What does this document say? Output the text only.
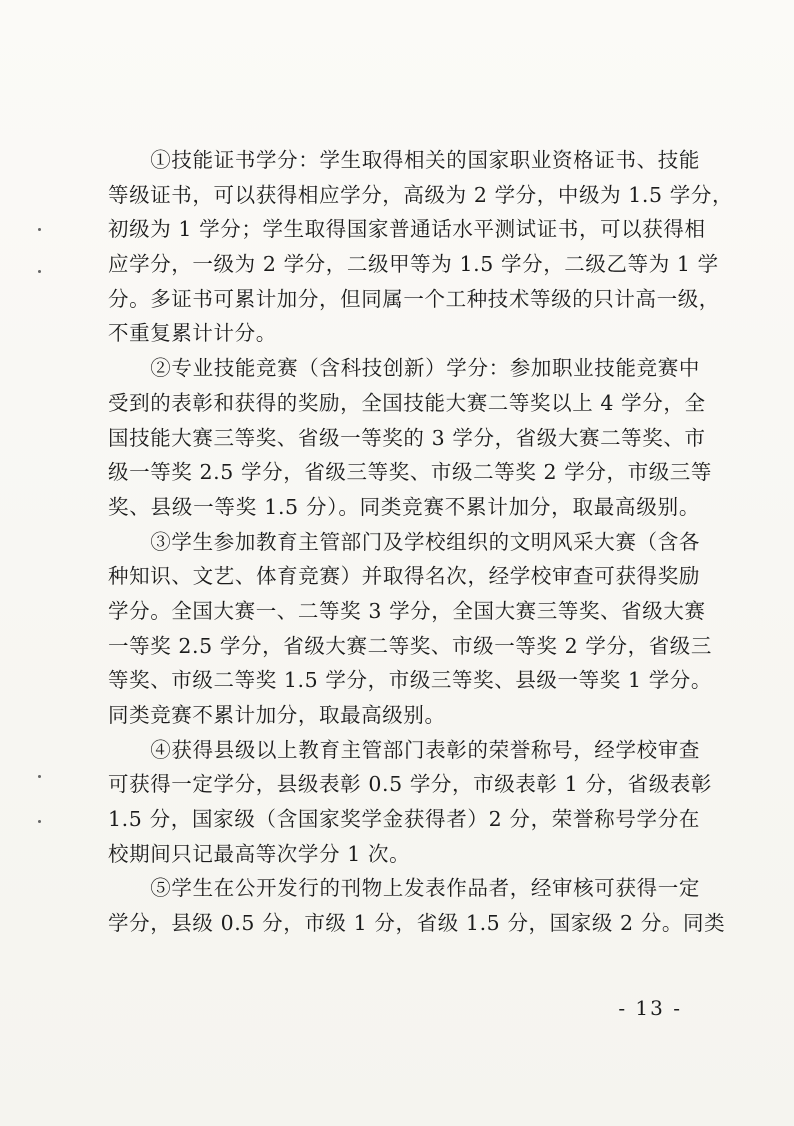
　　①技能证书学分：学生取得相关的国家职业资格证书、技能
等级证书，可以获得相应学分，高级为 2 学分，中级为 1.5 学分，
初级为 1 学分；学生取得国家普通话水平测试证书，可以获得相
应学分，一级为 2 学分，二级甲等为 1.5 学分，二级乙等为 1 学
分。多证书可累计加分，但同属一个工种技术等级的只计高一级，
不重复累计计分。
　　②专业技能竞赛（含科技创新）学分：参加职业技能竞赛中
受到的表彰和获得的奖励，全国技能大赛二等奖以上 4 学分，全
国技能大赛三等奖、省级一等奖的 3 学分，省级大赛二等奖、市
级一等奖 2.5 学分，省级三等奖、市级二等奖 2 学分，市级三等
奖、县级一等奖 1.5 分）。同类竞赛不累计加分，取最高级别。
　　③学生参加教育主管部门及学校组织的文明风采大赛（含各
种知识、文艺、体育竞赛）并取得名次，经学校审查可获得奖励
学分。全国大赛一、二等奖 3 学分，全国大赛三等奖、省级大赛
一等奖 2.5 学分，省级大赛二等奖、市级一等奖 2 学分，省级三
等奖、市级二等奖 1.5 学分，市级三等奖、县级一等奖 1 学分。
同类竞赛不累计加分，取最高级别。
　　④获得县级以上教育主管部门表彰的荣誉称号，经学校审查
可获得一定学分，县级表彰 0.5 学分，市级表彰 1 分，省级表彰
1.5 分，国家级（含国家奖学金获得者）2 分，荣誉称号学分在
校期间只记最高等次学分 1 次。
　　⑤学生在公开发行的刊物上发表作品者，经审核可获得一定
学分，县级 0.5 分，市级 1 分，省级 1.5 分，国家级 2 分。同类
- 13 -
